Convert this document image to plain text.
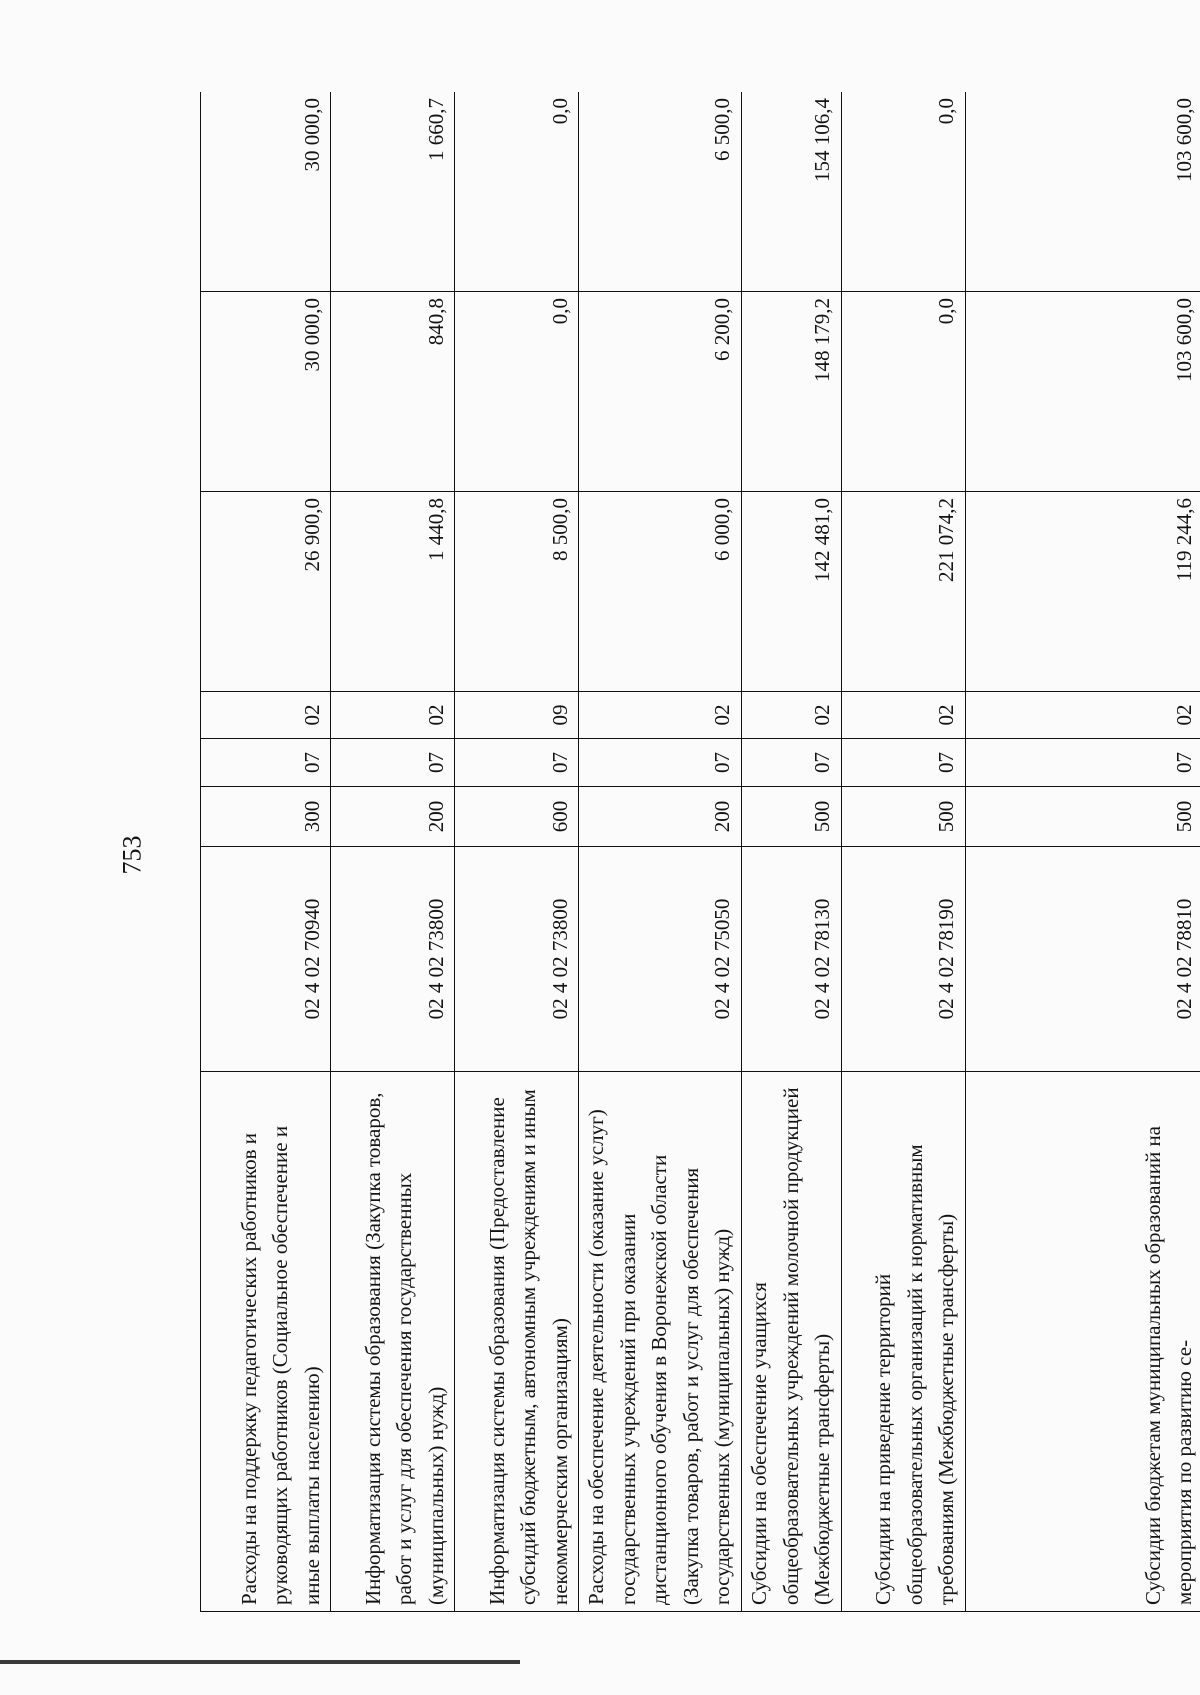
753
Расходы на поддержку педагогических работников и руководящих работников (Социальное обеспечение и иные выплаты населению)	02 4 02 70940	300	07	02	26 900,0	30 000,0	30 000,0
Информатизация системы образования (Закупка товаров, работ и услуг для обеспечения государственных (муниципальных) нужд)	02 4 02 73800	200	07	02	1 440,8	840,8	1 660,7
Информатизация системы образования (Предоставление субсидий бюджетным, автономным учреждениям и иным некоммерческим организациям)	02 4 02 73800	600	07	09	8 500,0	0,0	0,0
Расходы на обеспечение деятельности (оказание услуг) государственных учреждений при оказании дистанционного обучения в Воронежской области (Закупка товаров, работ и услуг для обеспечения государственных (муниципальных) нужд)	02 4 02 75050	200	07	02	6 000,0	6 200,0	6 500,0
Субсидии на обеспечение учащихся общеобразовательных учреждений молочной продукцией (Межбюджетные трансферты)	02 4 02 78130	500	07	02	142 481,0	148 179,2	154 106,4
Субсидии на приведение территорий общеобразовательных организаций к нормативным требованиям (Межбюджетные трансферты)	02 4 02 78190	500	07	02	221 074,2	0,0	0,0
Субсидии бюджетам муниципальных образований на мероприятия по развитию се-	02 4 02 78810	500	07	02	119 244,6	103 600,0	103 600,0
